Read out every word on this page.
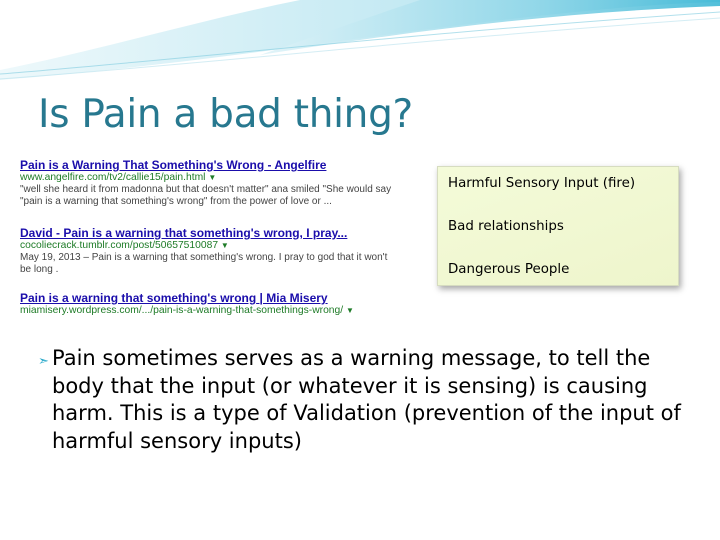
Is Pain a bad thing?
Pain is a Warning That Something's Wrong - Angelfire
www.angelfire.com/tv2/callie15/pain.html ▼
"well she heard it from madonna but that doesn't matter" ana smiled "She would say
"pain is a warning that something's wrong" from the power of love or ...
David - Pain is a warning that something's wrong, I pray...
cocoliecrack.tumblr.com/post/50657510087 ▼
May 19, 2013 – Pain is a warning that something's wrong. I pray to god that it won't
be long .
Pain is a warning that something's wrong | Mia Misery
miamisery.wordpress.com/.../pain-is-a-warning-that-somethings-wrong/ ▼
Harmful Sensory Input (fire)
Bad relationships
Dangerous People
➣ Pain sometimes serves as a warning message, to tell the body that the input (or whatever it is sensing) is causing harm. This is a type of Validation (prevention of the input of harmful sensory inputs)
